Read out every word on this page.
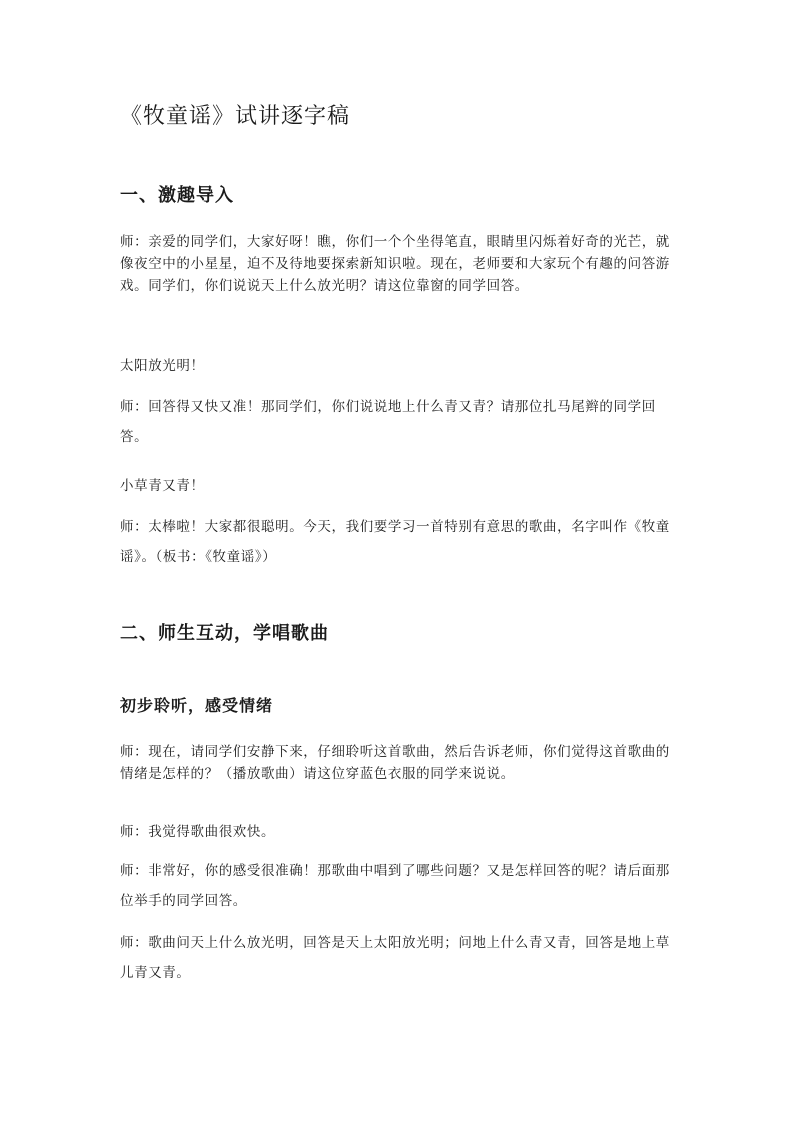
《牧童谣》试讲逐字稿
一、激趣导入

师：亲爱的同学们，大家好呀！瞧，你们一个个坐得笔直，眼睛里闪烁着好奇的光芒，就像夜空中的小星星，迫不及待地要探索新知识啦。现在，老师要和大家玩个有趣的问答游戏。同学们，你们说说天上什么放光明？请这位靠窗的同学回答。

太阳放光明！

师：回答得又快又准！那同学们，你们说说地上什么青又青？请那位扎马尾辫的同学回答。

小草青又青！

师：太棒啦！大家都很聪明。今天，我们要学习一首特别有意思的歌曲，名字叫作《牧童谣》。（板书：《牧童谣》）

二、师生互动，学唱歌曲
初步聆听，感受情绪

师：现在，请同学们安静下来，仔细聆听这首歌曲，然后告诉老师，你们觉得这首歌曲的情绪是怎样的？（播放歌曲）请这位穿蓝色衣服的同学来说说。

师：我觉得歌曲很欢快。

师：非常好，你的感受很准确！那歌曲中唱到了哪些问题？又是怎样回答的呢？请后面那位举手的同学回答。

师：歌曲问天上什么放光明，回答是天上太阳放光明；问地上什么青又青，回答是地上草儿青又青。
